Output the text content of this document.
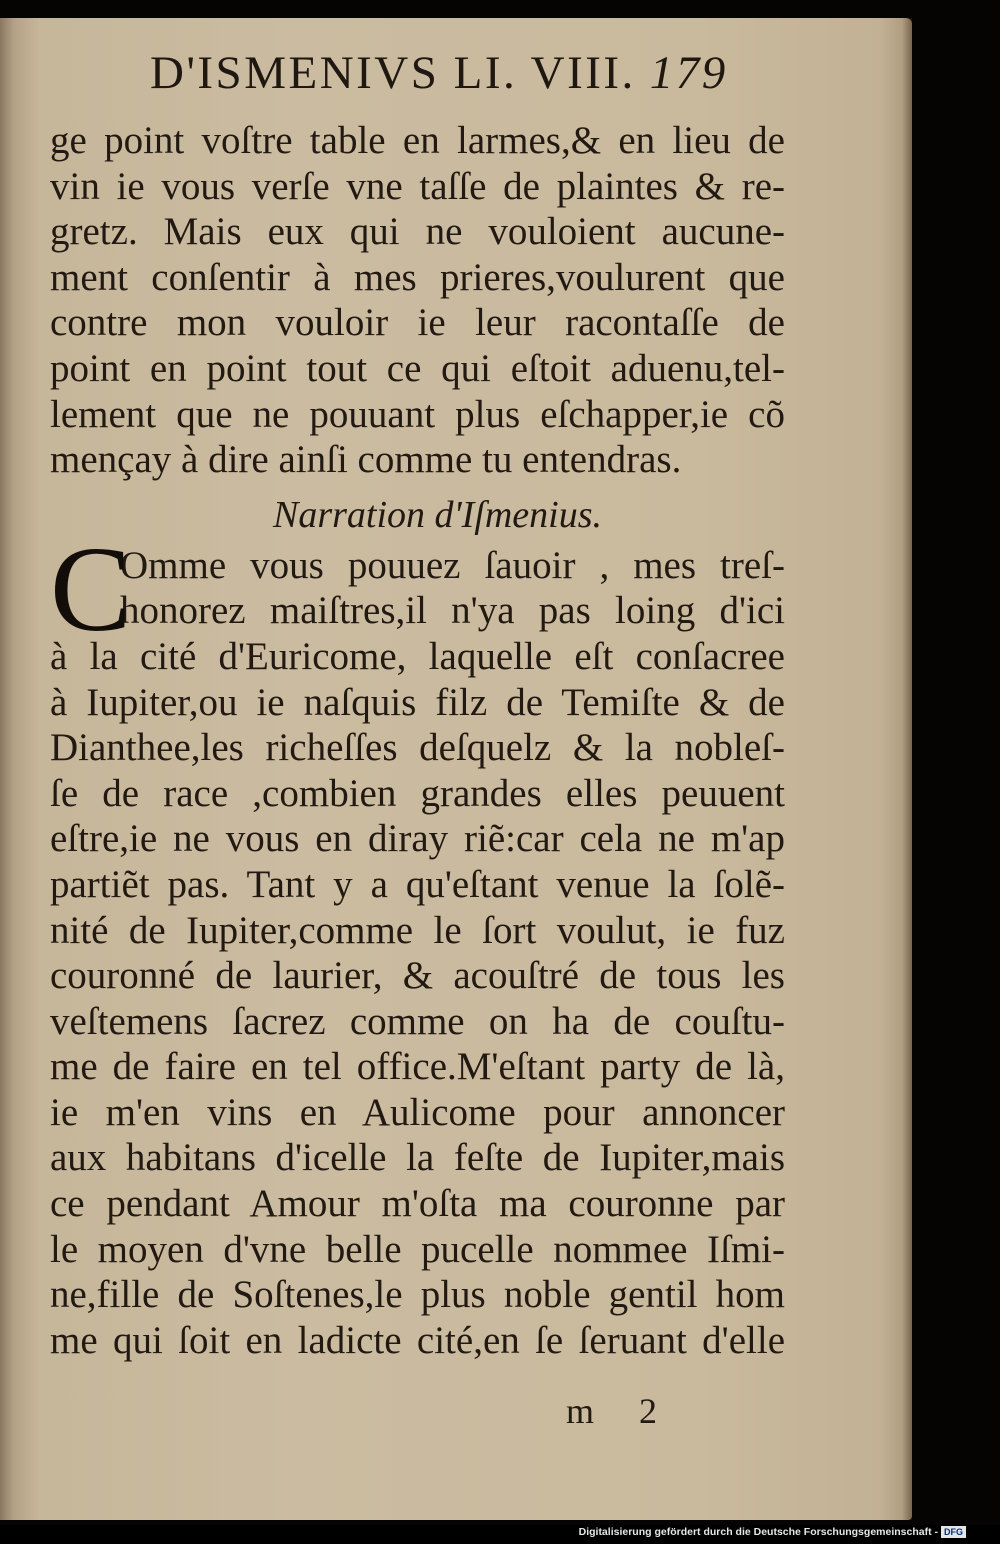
D'ISMENIVS LI. VIII. 179
ge point voſtre table en larmes,& en lieu de
vin ie vous verſe vne taſſe de plaintes & re-
gretz. Mais eux qui ne vouloient aucune-
ment conſentir à mes prieres,voulurent que
contre mon vouloir ie leur racontaſſe de
point en point tout ce qui eſtoit aduenu,tel-
lement que ne pouuant plus eſchapper,ie cõ
mençay à dire ainſi comme tu entendras.
Narration d'Iſmenius.
C
Omme vous pouuez ſauoir , mes treſ-
honorez maiſtres,il n'ya pas loing d'ici
à la cité d'Euricome, laquelle eſt conſacree
à Iupiter,ou ie naſquis filz de Temiſte & de
Dianthee,les richeſſes deſquelz & la nobleſ-
ſe de race ,combien grandes elles peuuent
eſtre,ie ne vous en diray riẽ:car cela ne m'ap
partiẽt pas. Tant y a qu'eſtant venue la ſolẽ-
nité de Iupiter,comme le ſort voulut, ie fuz
couronné de laurier, & acouſtré de tous les
veſtemens ſacrez comme on ha de couſtu-
me de faire en tel office.M'eſtant party de là,
ie m'en vins en Aulicome pour annoncer
aux habitans d'icelle la feſte de Iupiter,mais
ce pendant Amour m'oſta ma couronne par
le moyen d'vne belle pucelle nommee Iſmi-
ne,fille de Soſtenes,le plus noble gentil hom
me qui ſoit en ladicte cité,en ſe ſeruant d'elle
m 2
Digitalisierung gefördert durch die Deutsche Forschungsgemeinschaft - DFG
